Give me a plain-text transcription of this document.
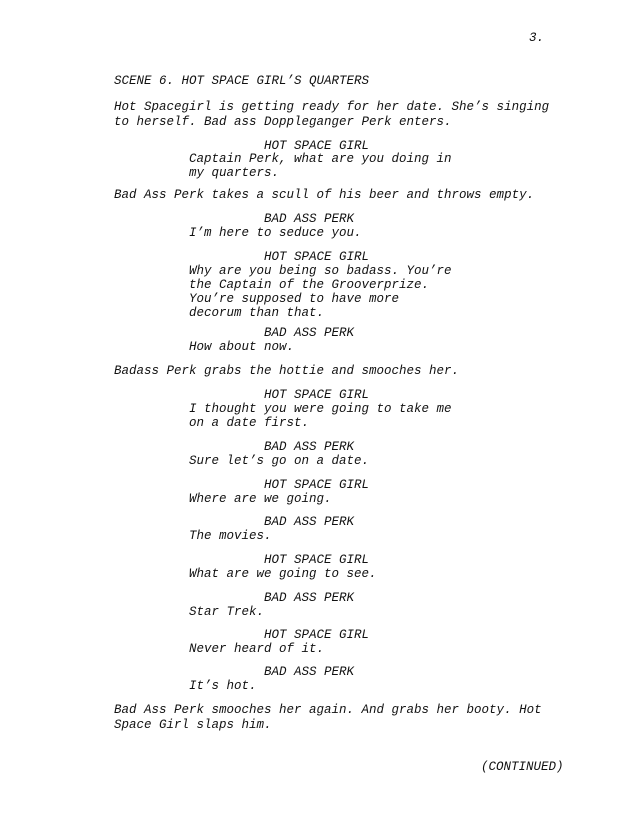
3.
SCENE 6. HOT SPACE GIRL’S QUARTERS
Hot Spacegirl is getting ready for her date. She’s singing
to herself. Bad ass Doppleganger Perk enters.
HOT SPACE GIRL
Captain Perk, what are you doing in
my quarters.
Bad Ass Perk takes a scull of his beer and throws empty.
BAD ASS PERK
I’m here to seduce you.
HOT SPACE GIRL
Why are you being so badass. You’re
the Captain of the Grooverprize.
You’re supposed to have more
decorum than that.
BAD ASS PERK
How about now.
Badass Perk grabs the hottie and smooches her.
HOT SPACE GIRL
I thought you were going to take me
on a date first.
BAD ASS PERK
Sure let’s go on a date.
HOT SPACE GIRL
Where are we going.
BAD ASS PERK
The movies.
HOT SPACE GIRL
What are we going to see.
BAD ASS PERK
Star Trek.
HOT SPACE GIRL
Never heard of it.
BAD ASS PERK
It’s hot.
Bad Ass Perk smooches her again. And grabs her booty. Hot
Space Girl slaps him.
(CONTINUED)
